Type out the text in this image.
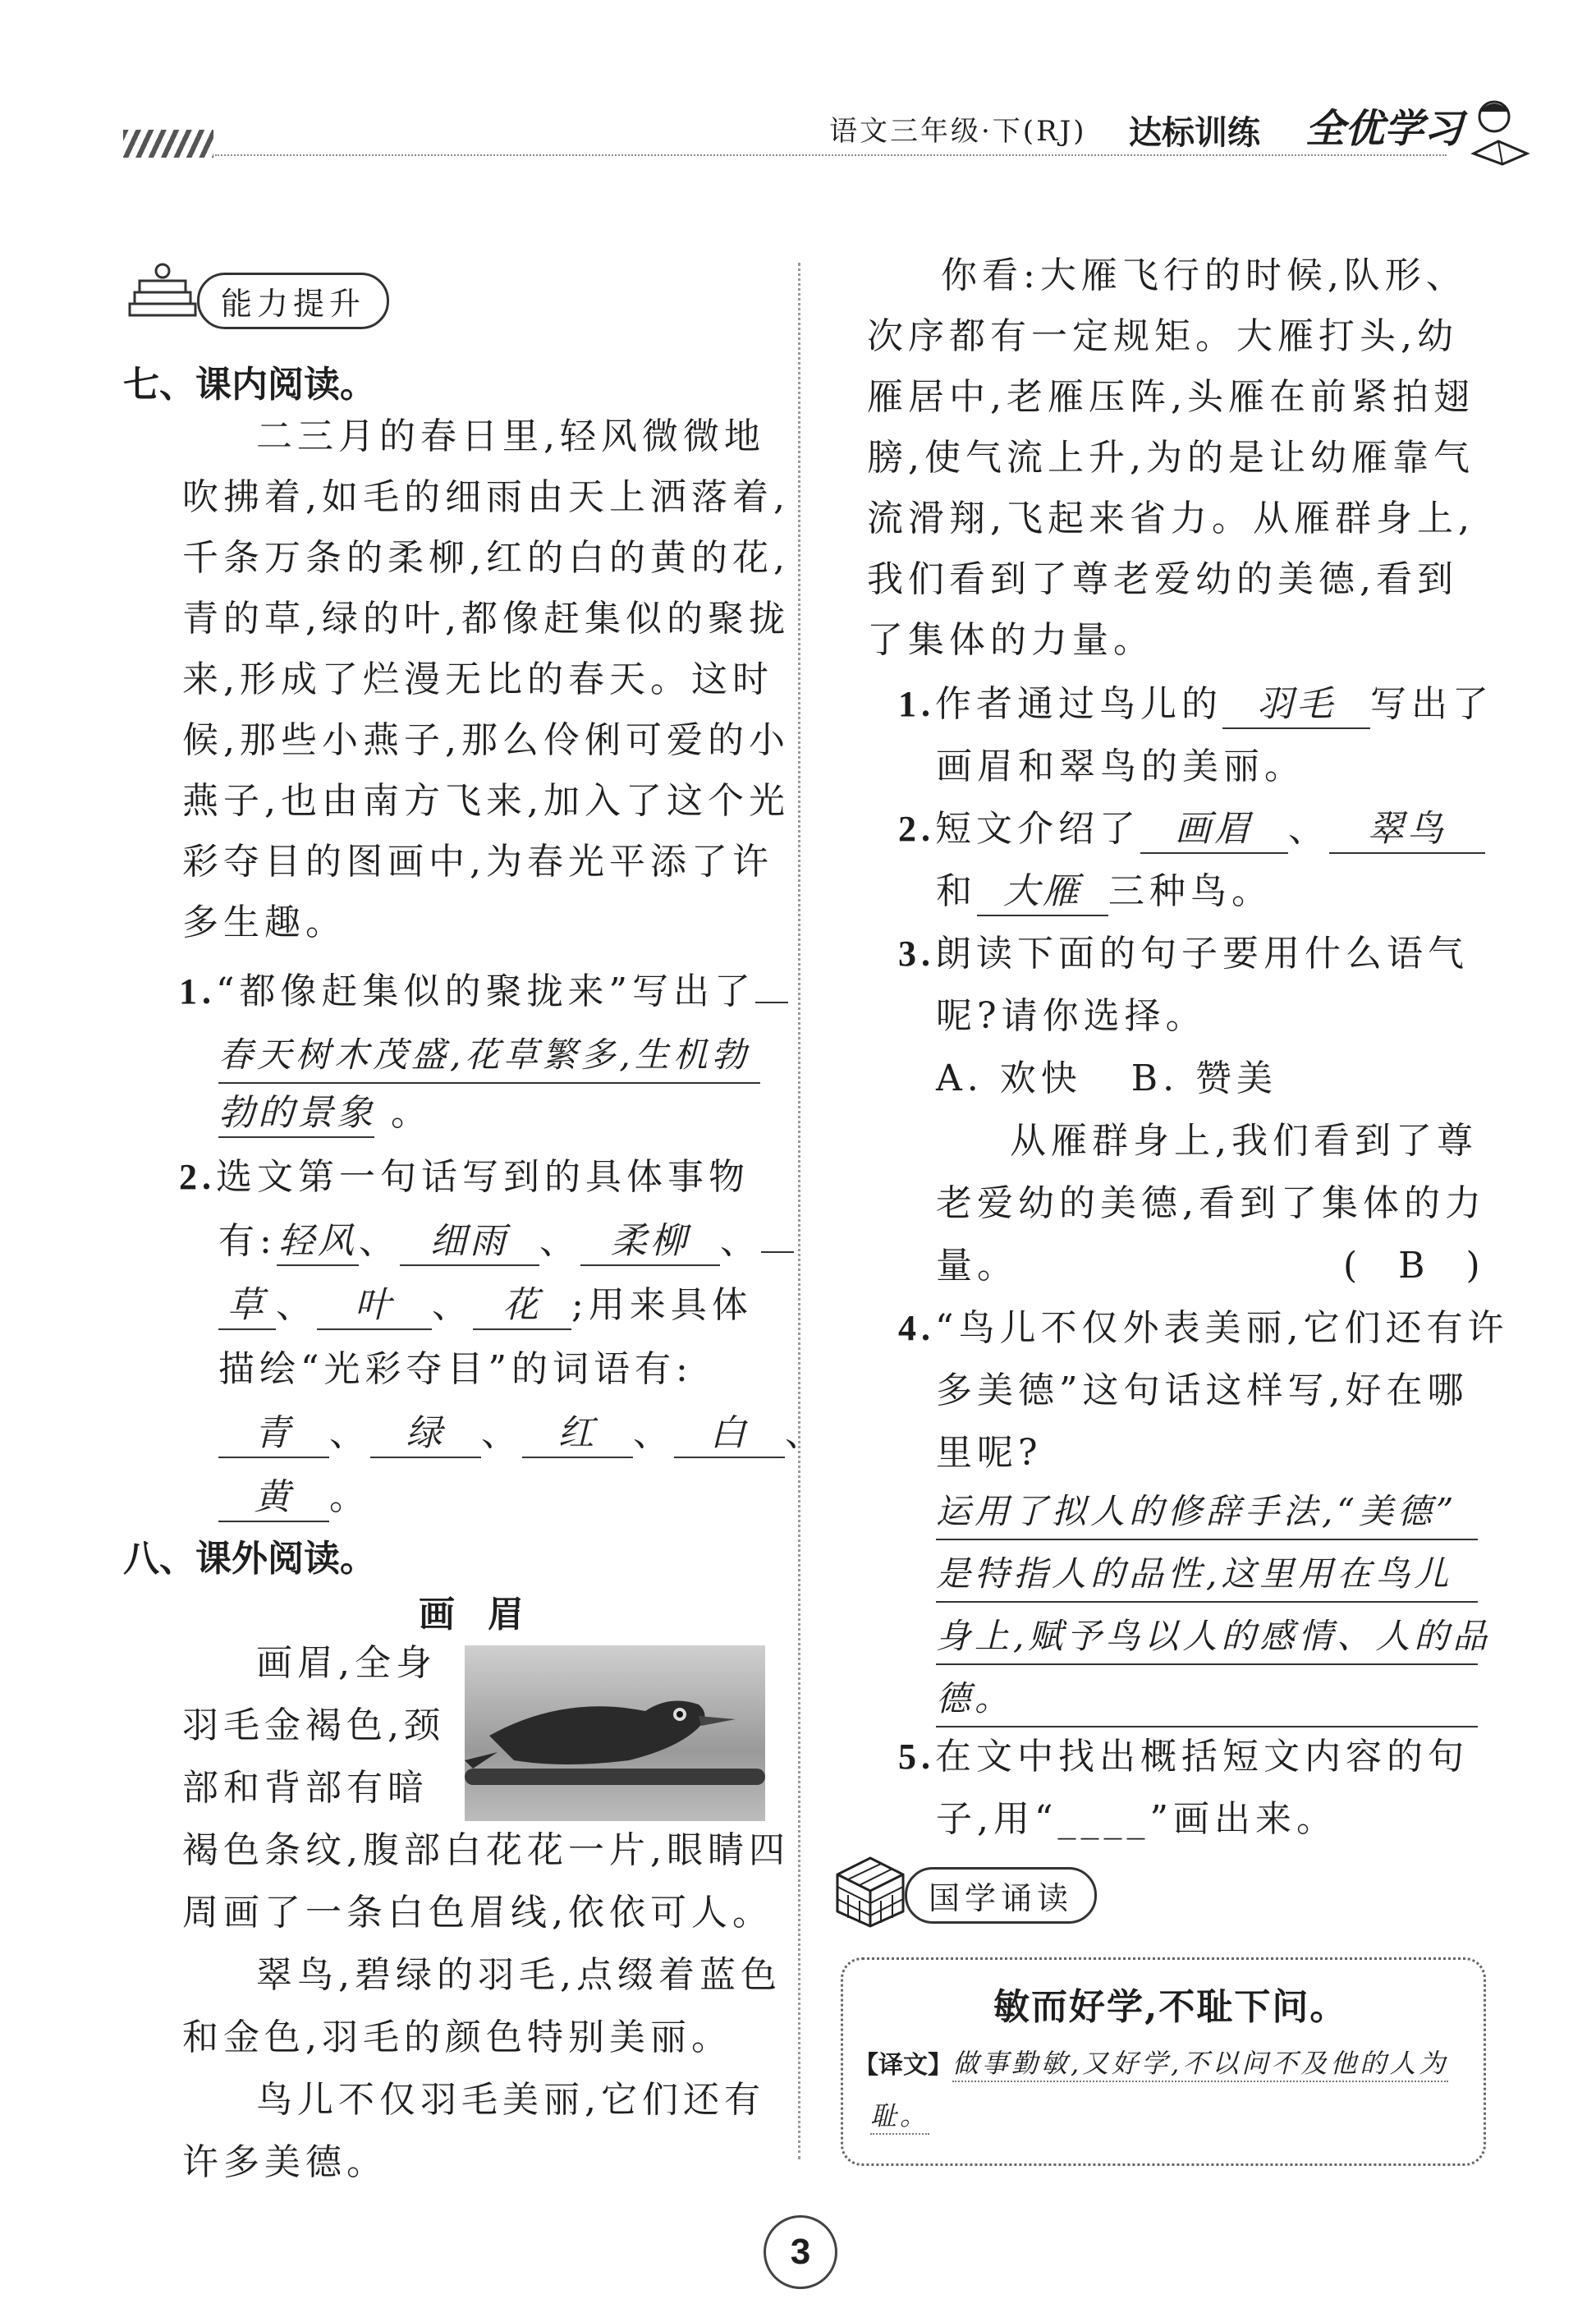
语文三年级·下(RJ) 达标训练 全优学习
能力提升
七、课内阅读。
二三月的春日里,轻风微微地
吹拂着,如毛的细雨由天上洒落着,
千条万条的柔柳,红的白的黄的花,
青的草,绿的叶,都像赶集似的聚拢
来,形成了烂漫无比的春天。这时
候,那些小燕子,那么伶俐可爱的小
燕子,也由南方飞来,加入了这个光
彩夺目的图画中,为春光平添了许
多生趣。
1.“都像赶集似的聚拢来”写出了
春天树木茂盛,花草繁多,生机勃
勃的景象 。
2.选文第一句话写到的具体事物
有:轻风、 细雨 、 柔柳 、
草 、 叶 、 花 ;用来具体
描绘“光彩夺目”的词语有:
青 、 绿 、 红 、 白 、
黄 。
八、课外阅读。
画眉
画眉,全身
羽毛金褐色,颈
部和背部有暗
褐色条纹,腹部白花花一片,眼睛四
周画了一条白色眉线,依依可人。
翠鸟,碧绿的羽毛,点缀着蓝色
和金色,羽毛的颜色特别美丽。
鸟儿不仅羽毛美丽,它们还有
许多美德。
你看:大雁飞行的时候,队形、
次序都有一定规矩。大雁打头,幼
雁居中,老雁压阵,头雁在前紧拍翅
膀,使气流上升,为的是让幼雁靠气
流滑翔,飞起来省力。从雁群身上,
我们看到了尊老爱幼的美德,看到
了集体的力量。
1.作者通过鸟儿的 羽毛 写出了
画眉和翠鸟的美丽。
2.短文介绍了 画眉 、 翠鸟
和 大雁 三种鸟。
3.朗读下面的句子要用什么语气
呢?请你选择。
A. 欢快 B. 赞美
从雁群身上,我们看到了尊
老爱幼的美德,看到了集体的力
量。	( B )
4.“鸟儿不仅外表美丽,它们还有许
多美德”这句话这样写,好在哪
里呢?
运用了拟人的修辞手法,“美德”
是特指人的品性,这里用在鸟儿
身上,赋予鸟以人的感情、人的品
德。
5.在文中找出概括短文内容的句
子,用“____”画出来。
国学诵读
敏而好学,不耻下问。
【译文】 做事勤敏,又好学,不以问不及他的人为
耻。
3
